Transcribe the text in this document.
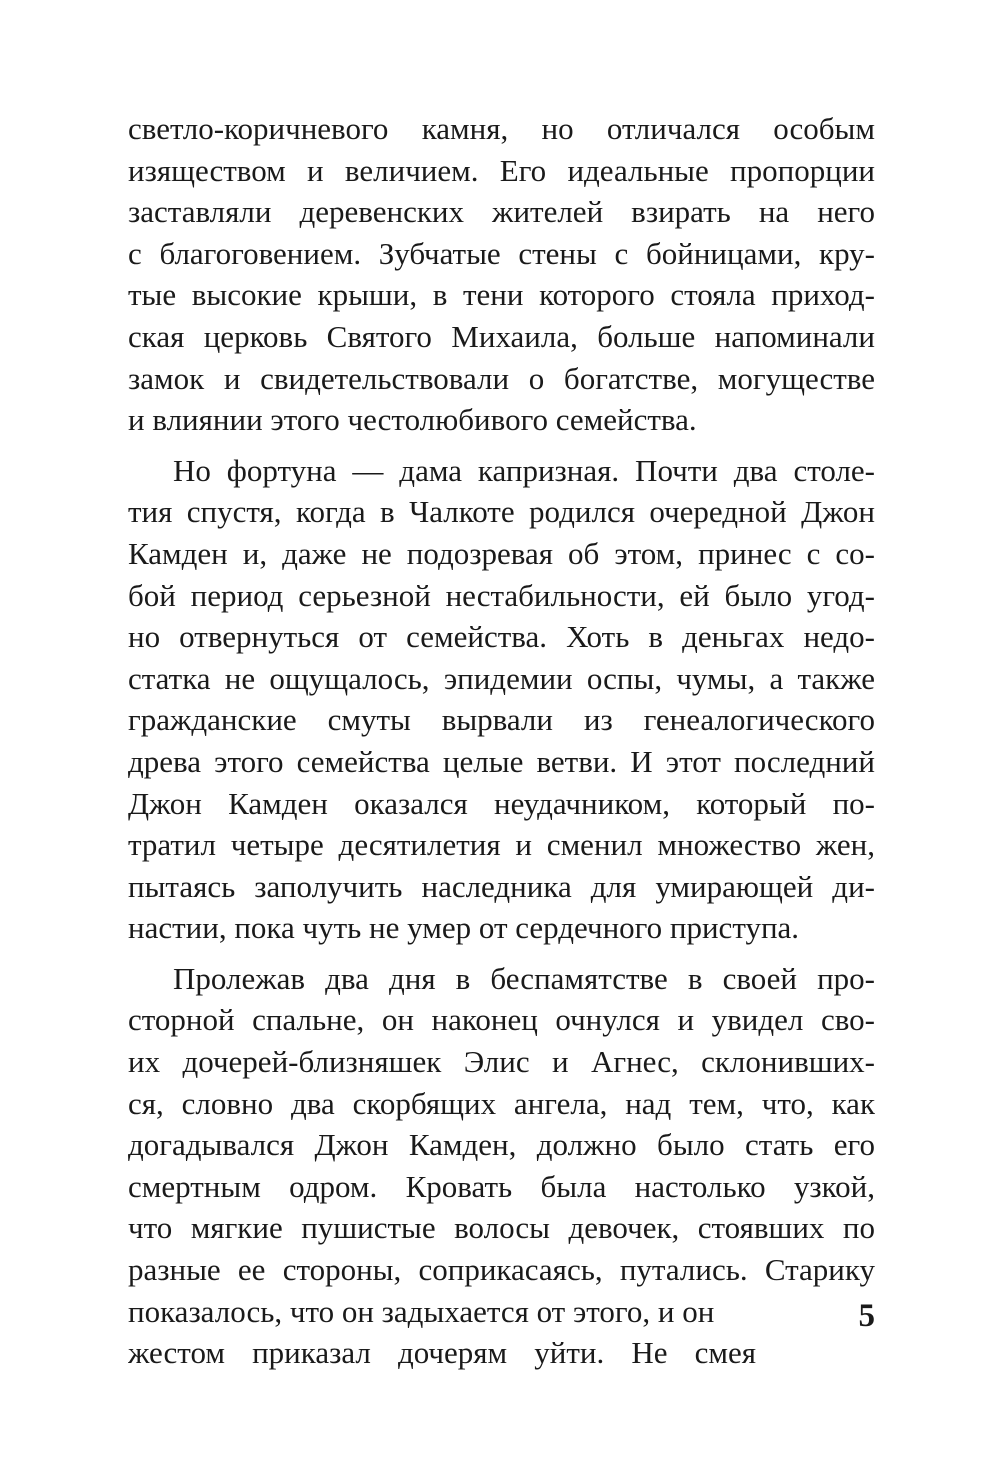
светло-коричневого камня, но отличался особым
изяществом и величием. Его идеальные пропорции
заставляли деревенских жителей взирать на него
с благоговением. Зубчатые стены с бойницами, кру-
тые высокие крыши, в тени которого стояла приход-
ская церковь Святого Михаила, больше напоминали
замок и свидетельствовали о богатстве, могуществе
и влиянии этого честолюбивого семейства.
Но фортуна — дама капризная. Почти два столе-
тия спустя, когда в Чалкоте родился очередной Джон
Камден и, даже не подозревая об этом, принес с со-
бой период серьезной нестабильности, ей было угод-
но отвернуться от семейства. Хоть в деньгах недо-
статка не ощущалось, эпидемии оспы, чумы, а также
гражданские смуты вырвали из генеалогического
древа этого семейства целые ветви. И этот последний
Джон Камден оказался неудачником, который по-
тратил четыре десятилетия и сменил множество жен,
пытаясь заполучить наследника для умирающей ди-
настии, пока чуть не умер от сердечного приступа.
Пролежав два дня в беспамятстве в своей про-
сторной спальне, он наконец очнулся и увидел сво-
их дочерей-близняшек Элис и Агнес, склонивших-
ся, словно два скорбящих ангела, над тем, что, как
догадывался Джон Камден, должно было стать его
смертным одром. Кровать была настолько узкой,
что мягкие пушистые волосы девочек, стоявших по
разные ее стороны, соприкасаясь, путались. Старику
показалось, что он задыхается от этого, и он
жестом приказал дочерям уйти. Не смея
5
